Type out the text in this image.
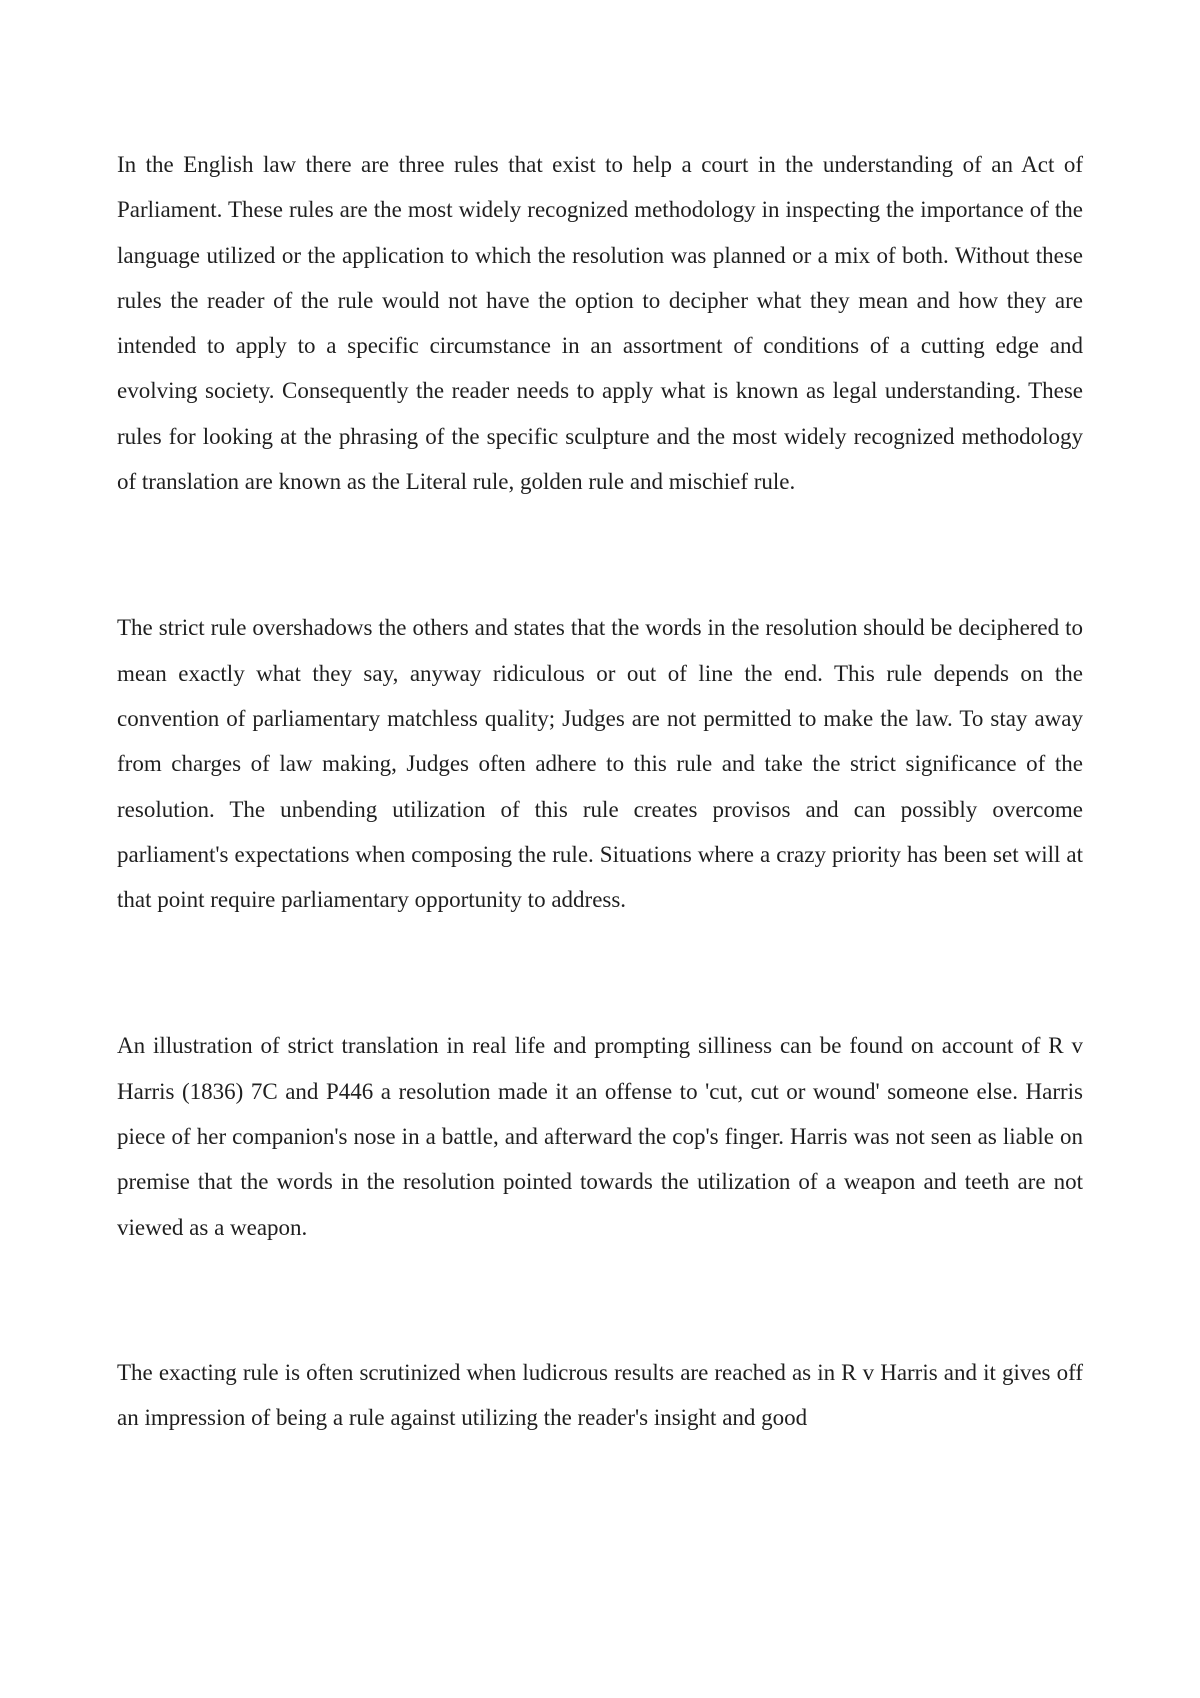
In the English law there are three rules that exist to help a court in the understanding of an Act of Parliament. These rules are the most widely recognized methodology in inspecting the importance of the language utilized or the application to which the resolution was planned or a mix of both. Without these rules the reader of the rule would not have the option to decipher what they mean and how they are intended to apply to a specific circumstance in an assortment of conditions of a cutting edge and evolving society. Consequently the reader needs to apply what is known as legal understanding. These rules for looking at the phrasing of the specific sculpture and the most widely recognized methodology of translation are known as the Literal rule, golden rule and mischief rule.

The strict rule overshadows the others and states that the words in the resolution should be deciphered to mean exactly what they say, anyway ridiculous or out of line the end. This rule depends on the convention of parliamentary matchless quality; Judges are not permitted to make the law. To stay away from charges of law making, Judges often adhere to this rule and take the strict significance of the resolution. The unbending utilization of this rule creates provisos and can possibly overcome parliament's expectations when composing the rule. Situations where a crazy priority has been set will at that point require parliamentary opportunity to address.

An illustration of strict translation in real life and prompting silliness can be found on account of R v Harris (1836) 7C and P446 a resolution made it an offense to 'cut, cut or wound' someone else. Harris piece of her companion's nose in a battle, and afterward the cop's finger. Harris was not seen as liable on premise that the words in the resolution pointed towards the utilization of a weapon and teeth are not viewed as a weapon.

The exacting rule is often scrutinized when ludicrous results are reached as in R v Harris and it gives off an impression of being a rule against utilizing the reader's insight and good
